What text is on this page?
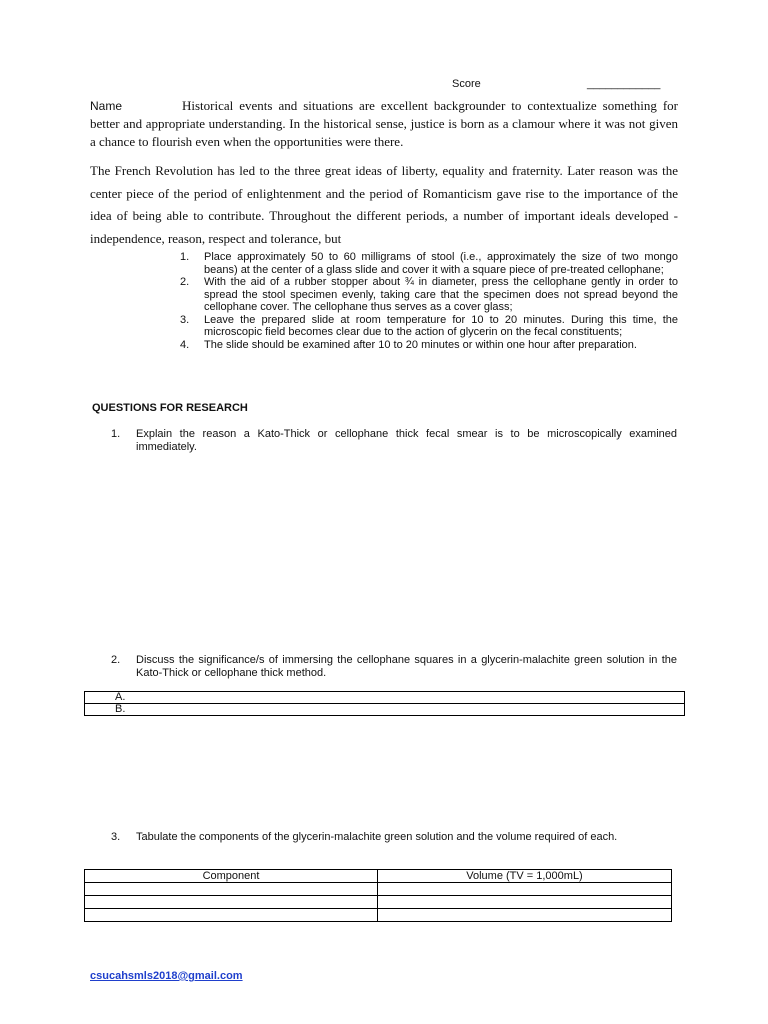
Score	____________
Name	Historical events and situations are excellent backgrounder to contextualize something for better and appropriate understanding. In the historical sense, justice is born as a clamour where it was not given a chance to flourish even when the opportunities were there.
The French Revolution has led to the three great ideas of liberty, equality and fraternity. Later reason was the center piece of the period of enlightenment and the period of Romanticism gave rise to the importance of the idea of being able to contribute. Throughout the different periods, a number of important ideals developed - independence, reason, respect and tolerance, but
1. Place approximately 50 to 60 milligrams of stool (i.e., approximately the size of two mongo beans) at the center of a glass slide and cover it with a square piece of pre-treated cellophane;
2. With the aid of a rubber stopper about ¾ in diameter, press the cellophane gently in order to spread the stool specimen evenly, taking care that the specimen does not spread beyond the cellophane cover. The cellophane thus serves as a cover glass;
3. Leave the prepared slide at room temperature for 10 to 20 minutes. During this time, the microscopic field becomes clear due to the action of glycerin on the fecal constituents;
4. The slide should be examined after 10 to 20 minutes or within one hour after preparation.
QUESTIONS FOR RESEARCH
1. Explain the reason a Kato-Thick or cellophane thick fecal smear is to be microscopically examined immediately.
2. Discuss the significance/s of immersing the cellophane squares in a glycerin-malachite green solution in the Kato-Thick or cellophane thick method.
A.
B.
3. Tabulate the components of the glycerin-malachite green solution and the volume required of each.
Component	Volume (TV = 1,000mL)

csucahsmls2018@gmail.com
